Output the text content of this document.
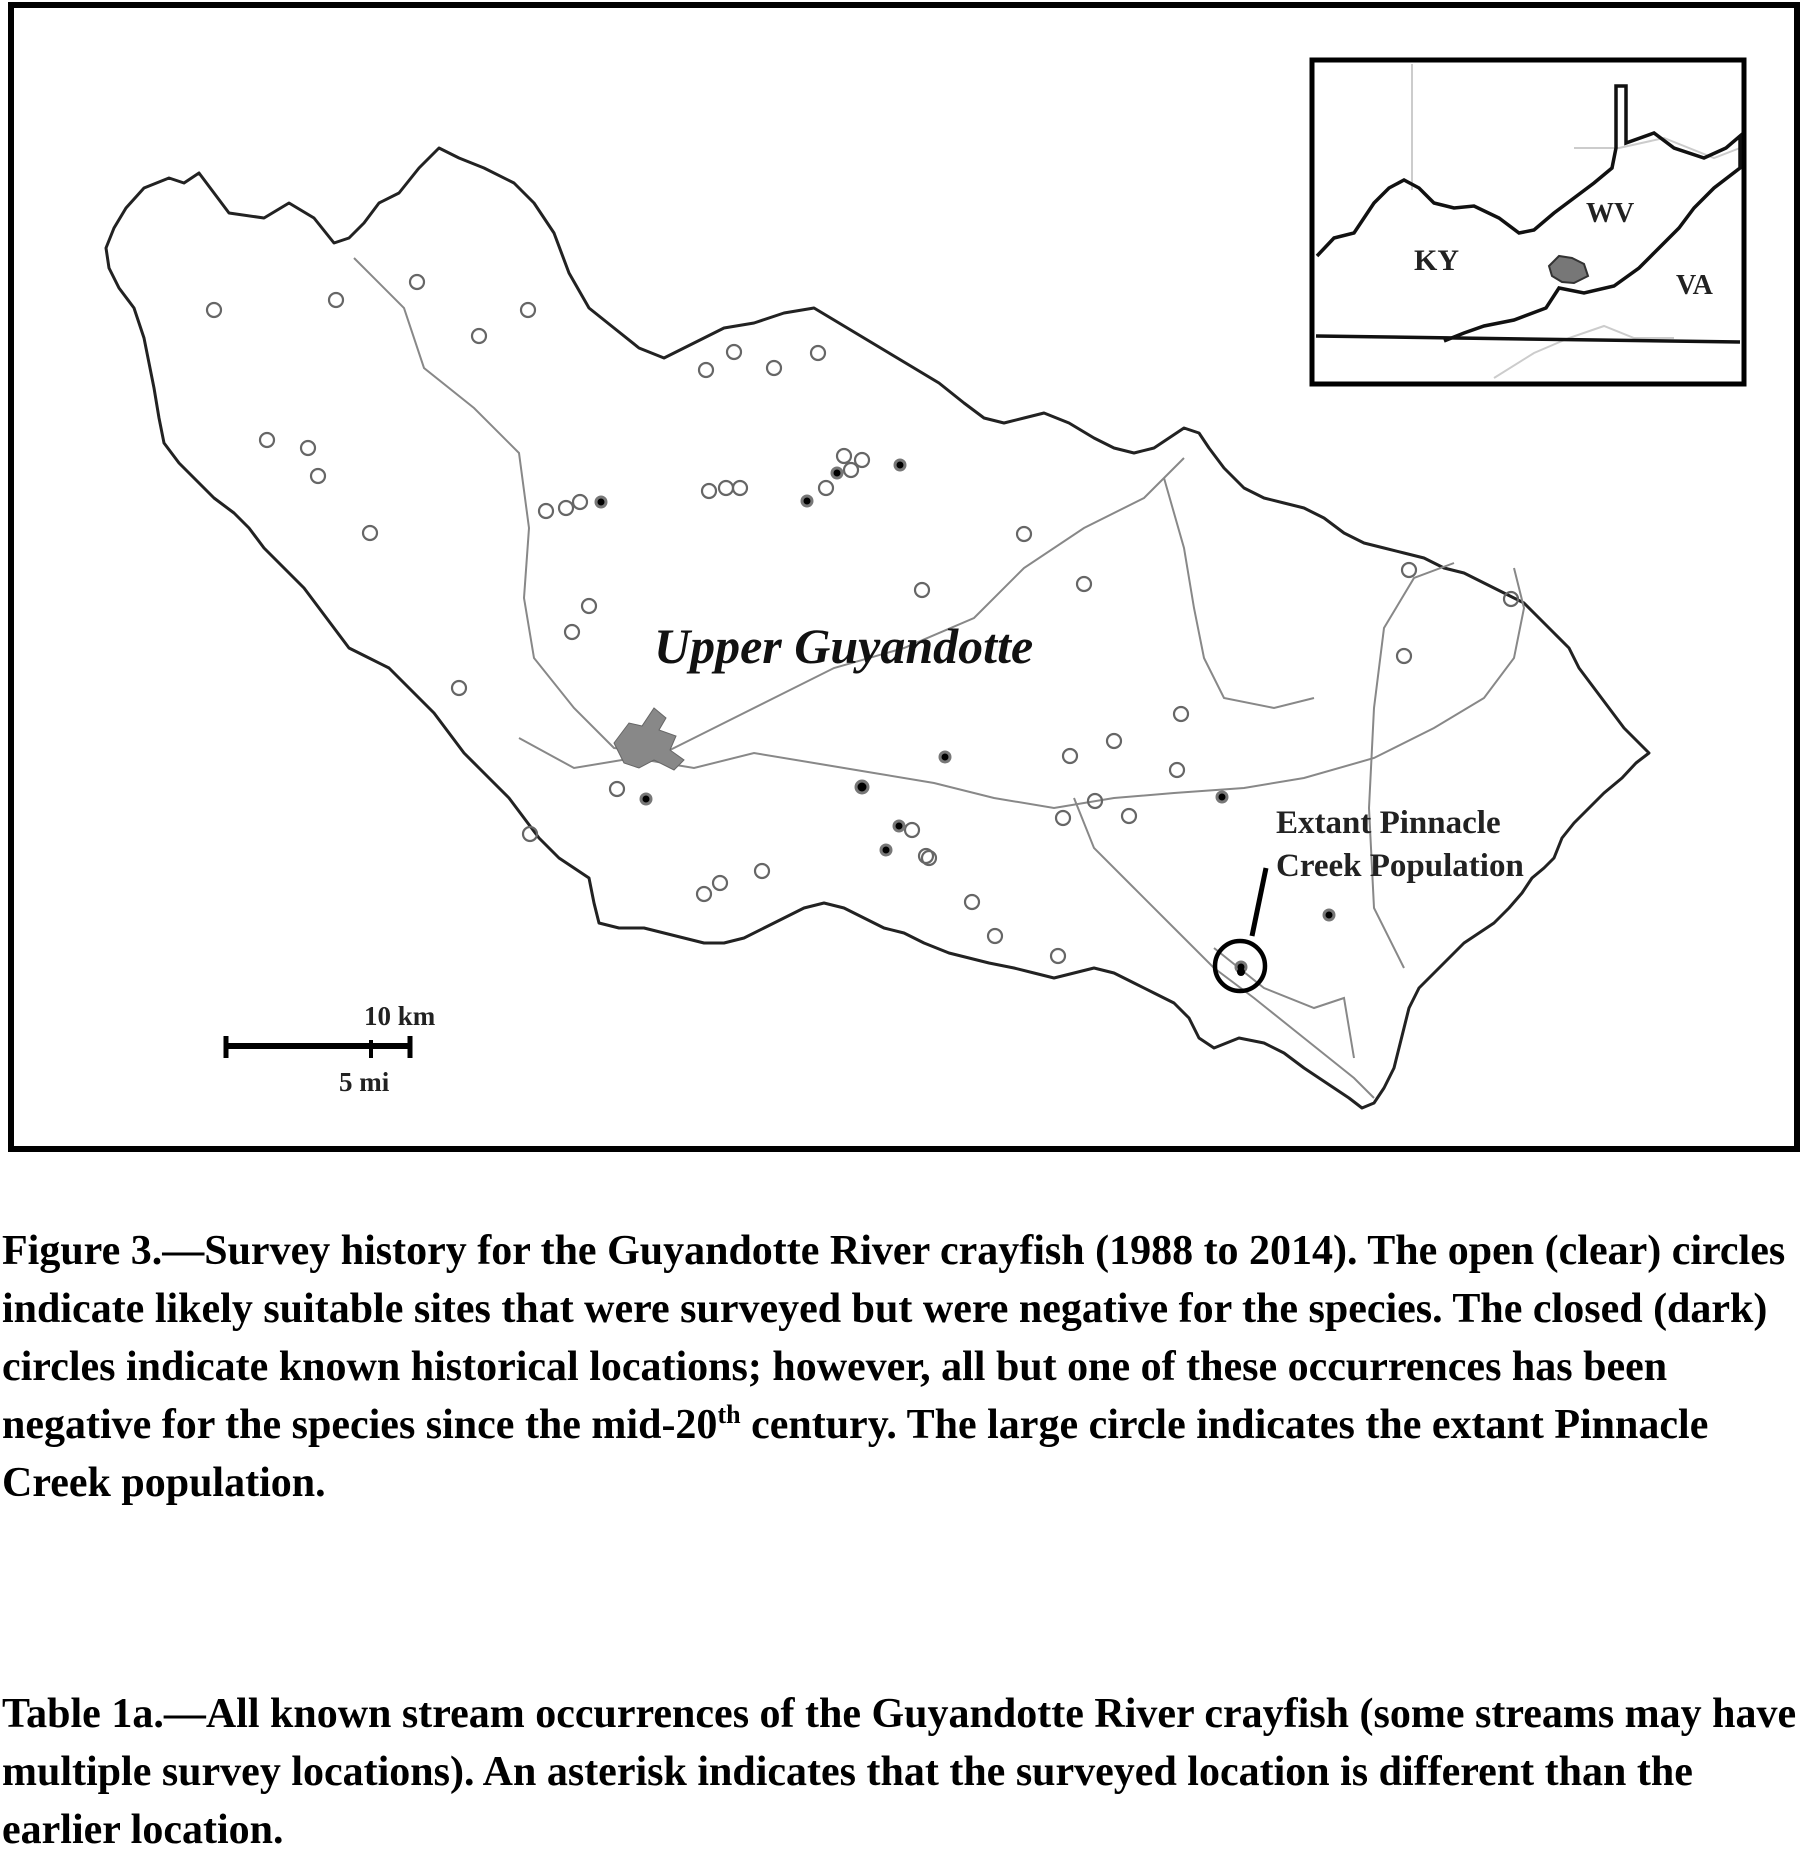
Upper Guyandotte
Extant Pinnacle
Creek Population
10 km
5 mi
KY
WV
VA

Figure 3.—Survey history for the Guyandotte River crayfish (1988 to 2014). The open (clear) circles indicate likely suitable sites that were surveyed but were negative for the species. The closed (dark) circles indicate known historical locations; however, all but one of these occurrences has been negative for the species since the mid-20th century. The large circle indicates the extant Pinnacle Creek population.

Table 1a.—All known stream occurrences of the Guyandotte River crayfish (some streams may have multiple survey locations). An asterisk indicates that the surveyed location is different than the earlier location.
